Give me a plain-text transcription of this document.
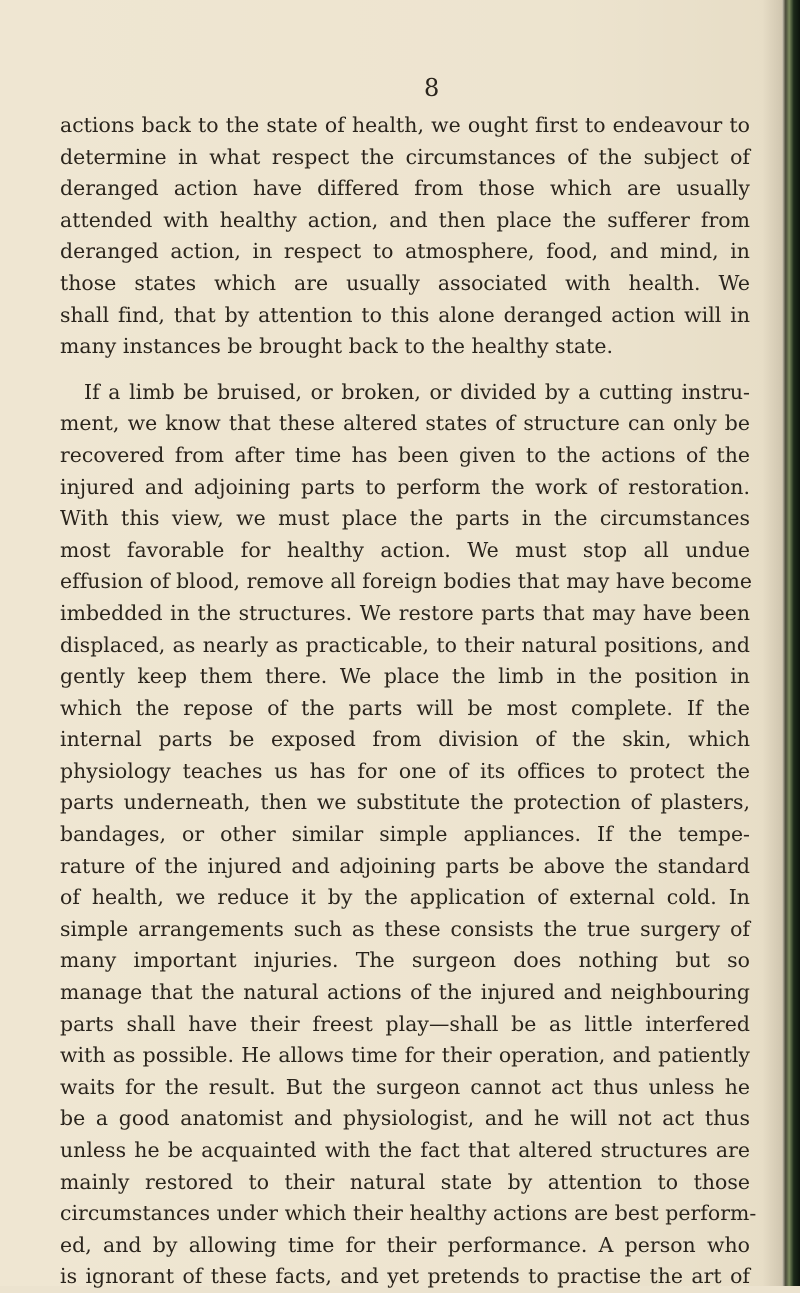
8
actions back to the state of health, we ought first to endeavour to
determine in what respect the circumstances of the subject of
deranged action have differed from those which are usually
attended with healthy action, and then place the sufferer from
deranged action, in respect to atmosphere, food, and mind, in
those states which are usually associated with health. We
shall find, that by attention to this alone deranged action will in
many instances be brought back to the healthy state.
If a limb be bruised, or broken, or divided by a cutting instru-
ment, we know that these altered states of structure can only be
recovered from after time has been given to the actions of the
injured and adjoining parts to perform the work of restoration.
With this view, we must place the parts in the circumstances
most favorable for healthy action. We must stop all undue
effusion of blood, remove all foreign bodies that may have become
imbedded in the structures. We restore parts that may have been
displaced, as nearly as practicable, to their natural positions, and
gently keep them there. We place the limb in the position in
which the repose of the parts will be most complete. If the
internal parts be exposed from division of the skin, which
physiology teaches us has for one of its offices to protect the
parts underneath, then we substitute the protection of plasters,
bandages, or other similar simple appliances. If the tempe-
rature of the injured and adjoining parts be above the standard
of health, we reduce it by the application of external cold. In
simple arrangements such as these consists the true surgery of
many important injuries. The surgeon does nothing but so
manage that the natural actions of the injured and neighbouring
parts shall have their freest play—shall be as little interfered
with as possible. He allows time for their operation, and patiently
waits for the result. But the surgeon cannot act thus unless he
be a good anatomist and physiologist, and he will not act thus
unless he be acquainted with the fact that altered structures are
mainly restored to their natural state by attention to those
circumstances under which their healthy actions are best perform-
ed, and by allowing time for their performance. A person who
is ignorant of these facts, and yet pretends to practise the art of
